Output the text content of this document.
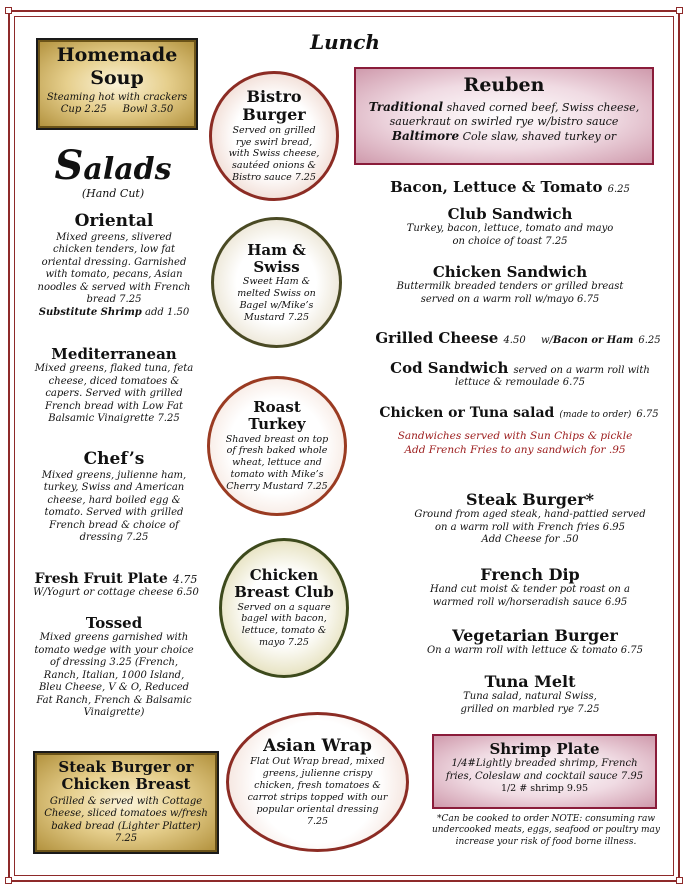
Lunch
Homemade Soup
Steaming hot with crackers
Cup 2.25 Bowl 3.50
Salads
(Hand Cut)
Oriental
Mixed greens, slivered chicken tenders, low fat oriental dressing. Garnished with tomato, pecans, Asian noodles & served with French bread 7.25
Substitute Shrimp add 1.50
Mediterranean
Mixed greens, flaked tuna, feta cheese, diced tomatoes & capers. Served with grilled French bread with Low Fat Balsamic Vinaigrette 7.25
Chef’s
Mixed greens, julienne ham, turkey, Swiss and American cheese, hard boiled egg & tomato. Served with grilled French bread & choice of dressing 7.25
Fresh Fruit Plate 4.75
W/Yogurt or cottage cheese 6.50
Tossed
Mixed greens garnished with tomato wedge with your choice of dressing 3.25 (French, Ranch, Italian, 1000 Island, Bleu Cheese, V & O, Reduced Fat Ranch, French & Balsamic Vinaigrette)
Steak Burger or Chicken Breast
Grilled & served with Cottage Cheese, sliced tomatoes w/fresh baked bread (Lighter Platter) 7.25
Bistro Burger
Served on grilled rye swirl bread, with Swiss cheese, sautéed onions & Bistro sauce 7.25
Ham & Swiss
Sweet Ham & melted Swiss on Bagel w/Mike’s Mustard 7.25
Roast Turkey
Shaved breast on top of fresh baked whole wheat, lettuce and tomato with Mike’s Cherry Mustard 7.25
Chicken Breast Club
Served on a square bagel with bacon, lettuce, tomato & mayo 7.25
Asian Wrap
Flat Out Wrap bread, mixed greens, julienne crispy chicken, fresh tomatoes & carrot strips topped with our popular oriental dressing 7.25
Reuben
Traditional shaved corned beef, Swiss cheese, sauerkraut on swirled rye w/bistro sauce
Baltimore Cole slaw, shaved turkey or
Bacon, Lettuce & Tomato 6.25
Club Sandwich
Turkey, bacon, lettuce, tomato and mayo
on choice of toast 7.25
Chicken Sandwich
Buttermilk breaded tenders or grilled breast
served on a warm roll w/mayo 6.75
Grilled Cheese 4.50 w/Bacon or Ham 6.25
Cod Sandwich served on a warm roll with
lettuce & remoulade 6.75
Chicken or Tuna salad (made to order) 6.75
Sandwiches served with Sun Chips & pickle
Add French Fries to any sandwich for .95
Steak Burger*
Ground from aged steak, hand-pattied served
on a warm roll with French fries 6.95
Add Cheese for .50
French Dip
Hand cut moist & tender pot roast on a
warmed roll w/horseradish sauce 6.95
Vegetarian Burger
On a warm roll with lettuce & tomato 6.75
Tuna Melt
Tuna salad, natural Swiss,
grilled on marbled rye 7.25
Shrimp Plate
1/4#Lightly breaded shrimp, French
fries, Coleslaw and cocktail sauce 7.95
1/2 # shrimp 9.95
*Can be cooked to order NOTE: consuming raw
undercooked meats, eggs, seafood or poultry may
increase your risk of food borne illness.
